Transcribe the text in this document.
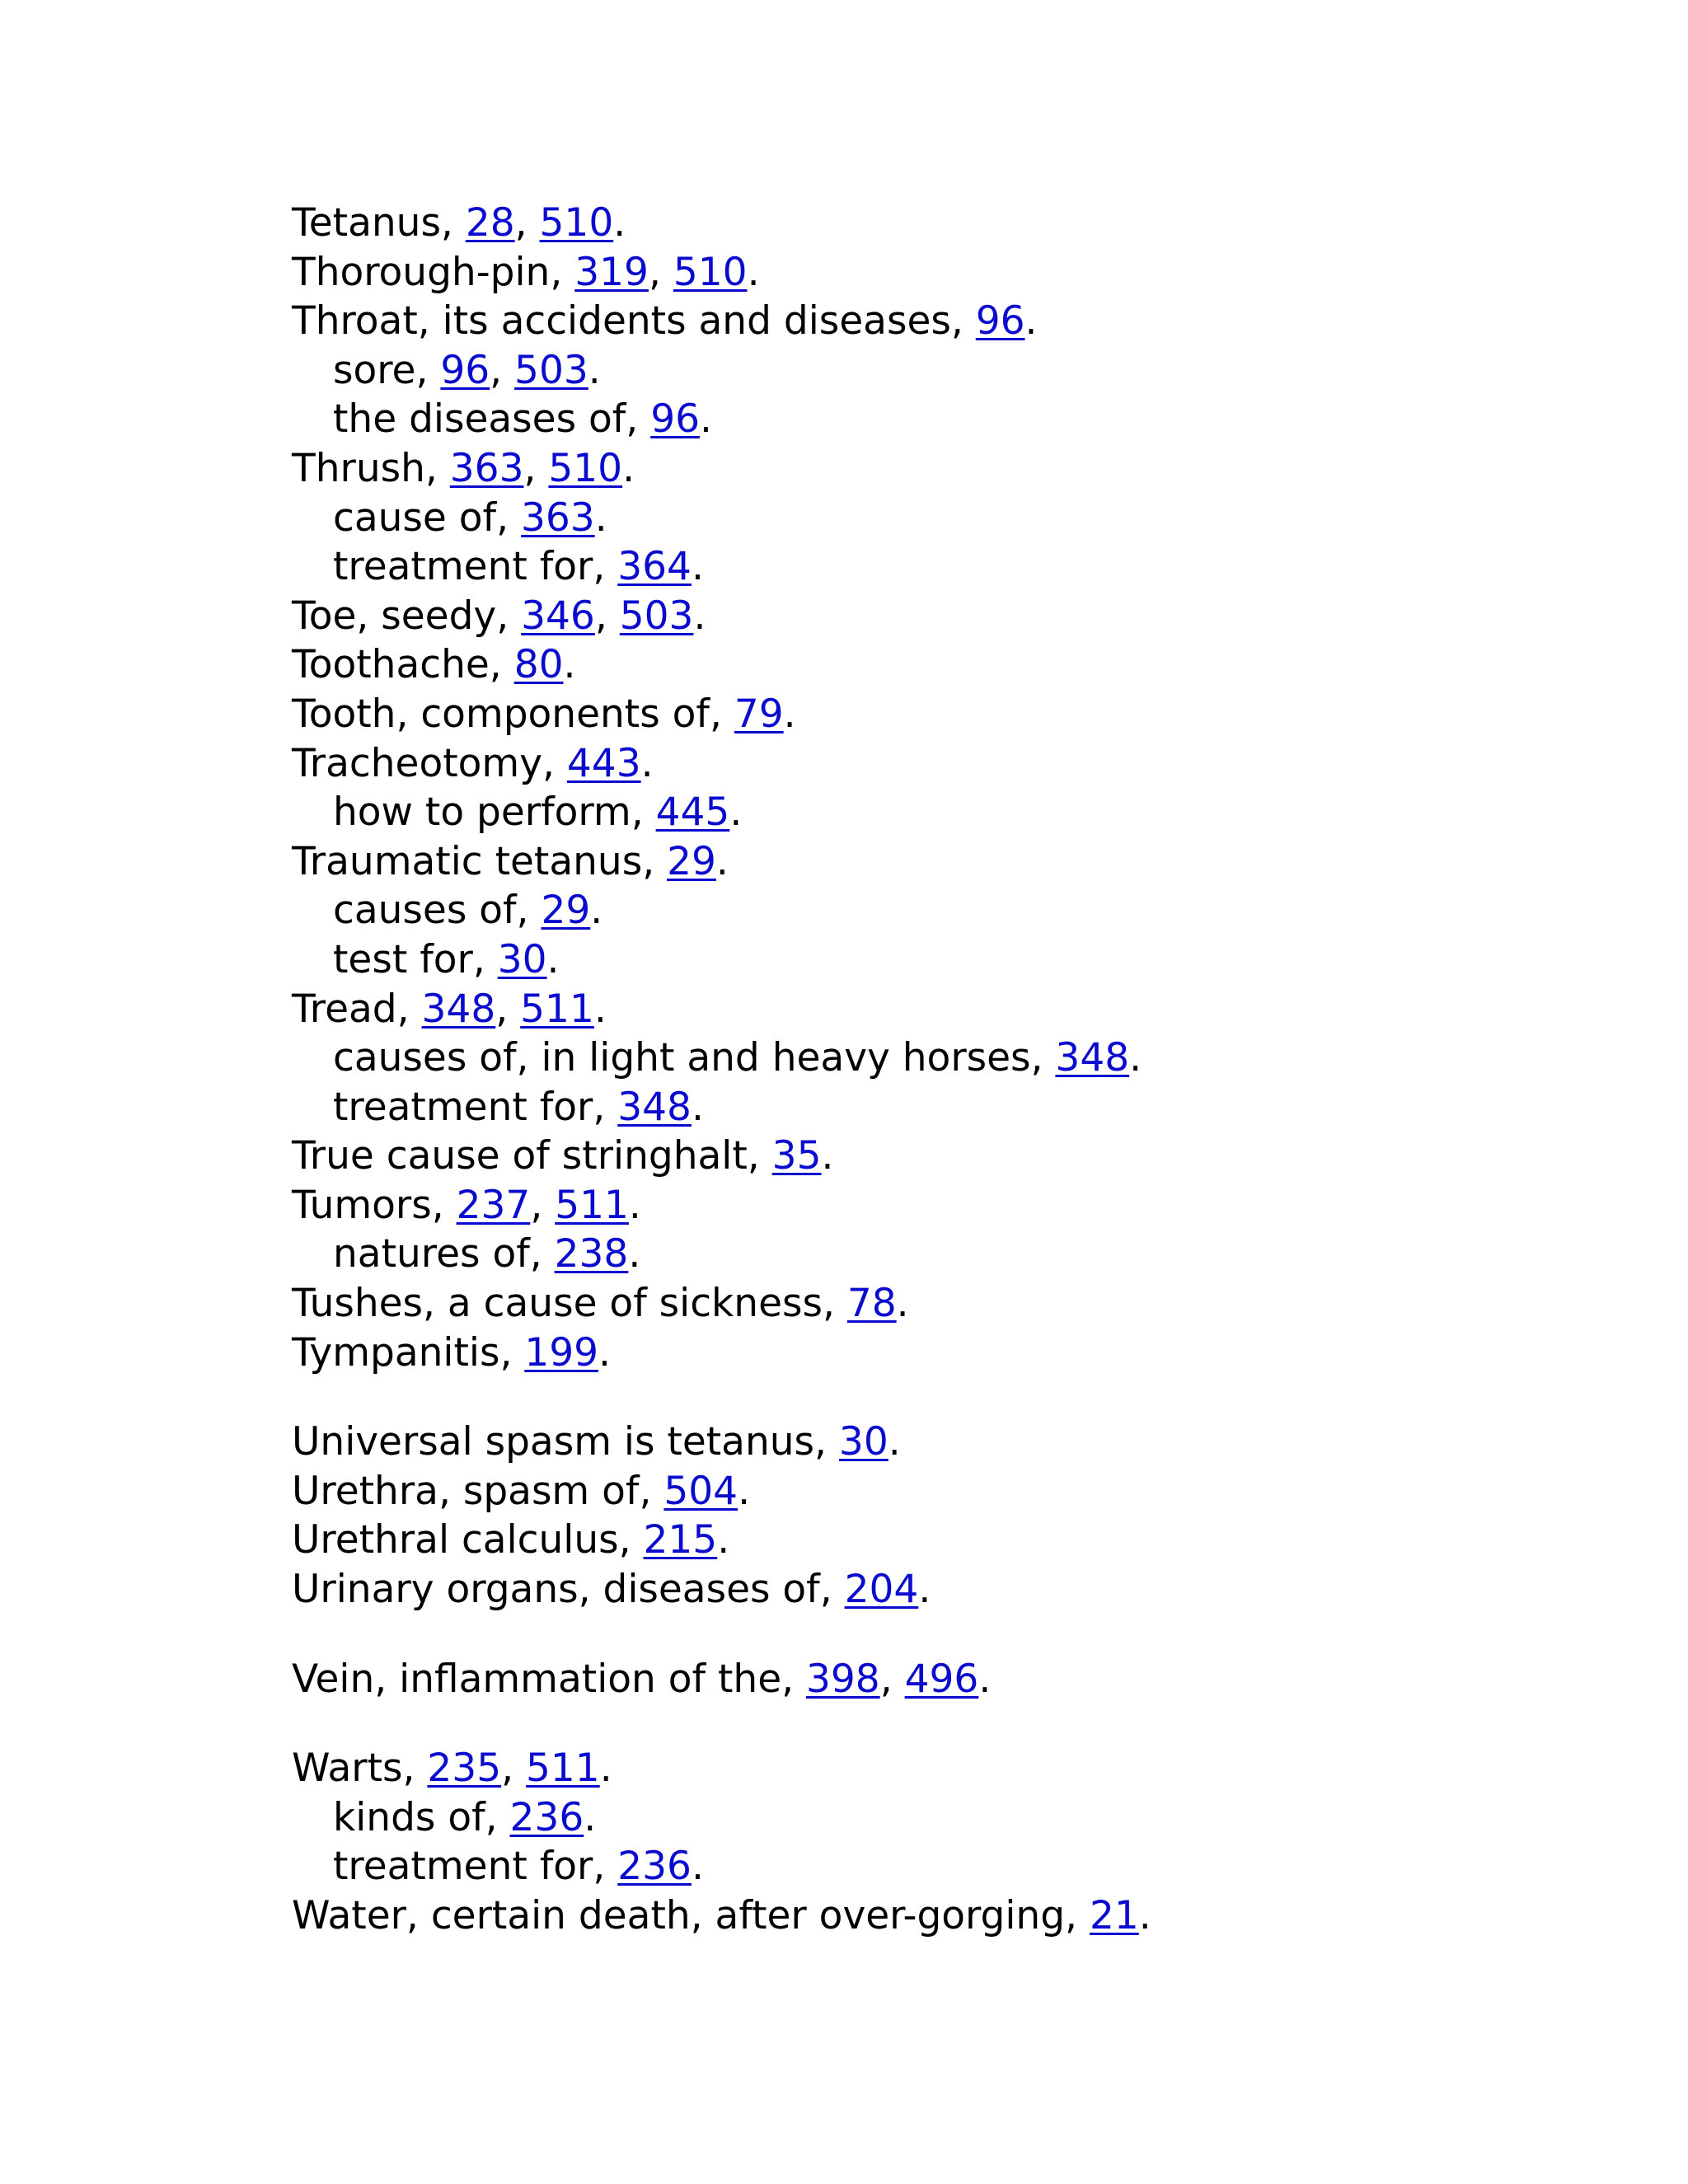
Tetanus, 28, 510.
Thorough-pin, 319, 510.
Throat, its accidents and diseases, 96.
sore, 96, 503.
the diseases of, 96.
Thrush, 363, 510.
cause of, 363.
treatment for, 364.
Toe, seedy, 346, 503.
Toothache, 80.
Tooth, components of, 79.
Tracheotomy, 443.
how to perform, 445.
Traumatic tetanus, 29.
causes of, 29.
test for, 30.
Tread, 348, 511.
causes of, in light and heavy horses, 348.
treatment for, 348.
True cause of stringhalt, 35.
Tumors, 237, 511.
natures of, 238.
Tushes, a cause of sickness, 78.
Tympanitis, 199.
Universal spasm is tetanus, 30.
Urethra, spasm of, 504.
Urethral calculus, 215.
Urinary organs, diseases of, 204.
Vein, inflammation of the, 398, 496.
Warts, 235, 511.
kinds of, 236.
treatment for, 236.
Water, certain death, after over-gorging, 21.
